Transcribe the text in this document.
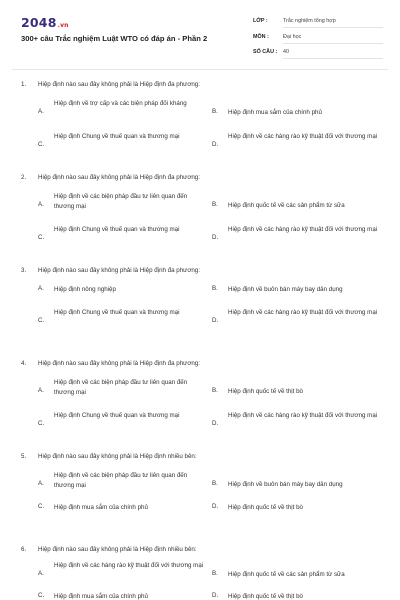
2048.vn
300+ câu Trắc nghiệm Luật WTO có đáp án - Phần 2
LỚP :	Trắc nghiệm tổng hợp
MÔN :	Đại học
SỐ CÂU : 40
1. Hiệp định nào sau đây không phải là Hiệp định đa phương:
A.
Hiệp định về trợ cấp và các biện pháp đối kháng
B. Hiệp định mua sắm của chính phủ
C.
Hiệp định Chung về thuế quan và thương mại
D.
Hiệp định về các hàng rào kỹ thuật đối với thương mại
2. Hiệp định nào sau đây không phải là Hiệp định đa phương:
A.
Hiệp định về các biện pháp đầu tư liên quan đến thương mại	B. Hiệp định quốc tế về các sản phẩm từ sữa
C.
Hiệp định Chung về thuế quan và thương mại
D.
Hiệp định về các hàng rào kỹ thuật đối với thương mại
3. Hiệp định nào sau đây không phải là Hiệp định đa phương:
A. Hiệp định nông nghiệp	B. Hiệp định về buôn bán máy bay dân dụng
C.
Hiệp định Chung về thuế quan và thương mại
D.
Hiệp định về các hàng rào kỹ thuật đối với thương mại
4. Hiệp định nào sau đây không phải là Hiệp định đa phương:
A.
Hiệp định về các biện pháp đầu tư liên quan đến thương mại	B. Hiệp định quốc tế về thịt bò
C.
Hiệp định Chung về thuế quan và thương mại
D.
Hiệp định về các hàng rào kỹ thuật đối với thương mại
5. Hiệp định nào sau đây không phải là Hiệp định nhiều bên:
A.
Hiệp định về các biện pháp đầu tư liên quan đến thương mại	B. Hiệp định về buôn bán máy bay dân dụng
C. Hiệp định mua sắm của chính phủ	D. Hiệp định quốc tế về thịt bò
6. Hiệp định nào sau đây không phải là Hiệp định nhiều bên:
A.
Hiệp định về các hàng rào kỹ thuật đối với thương mại
B. Hiệp định quốc tế về các sản phẩm từ sữa
C. Hiệp định mua sắm của chính phủ	D. Hiệp định quốc tế về thịt bò
